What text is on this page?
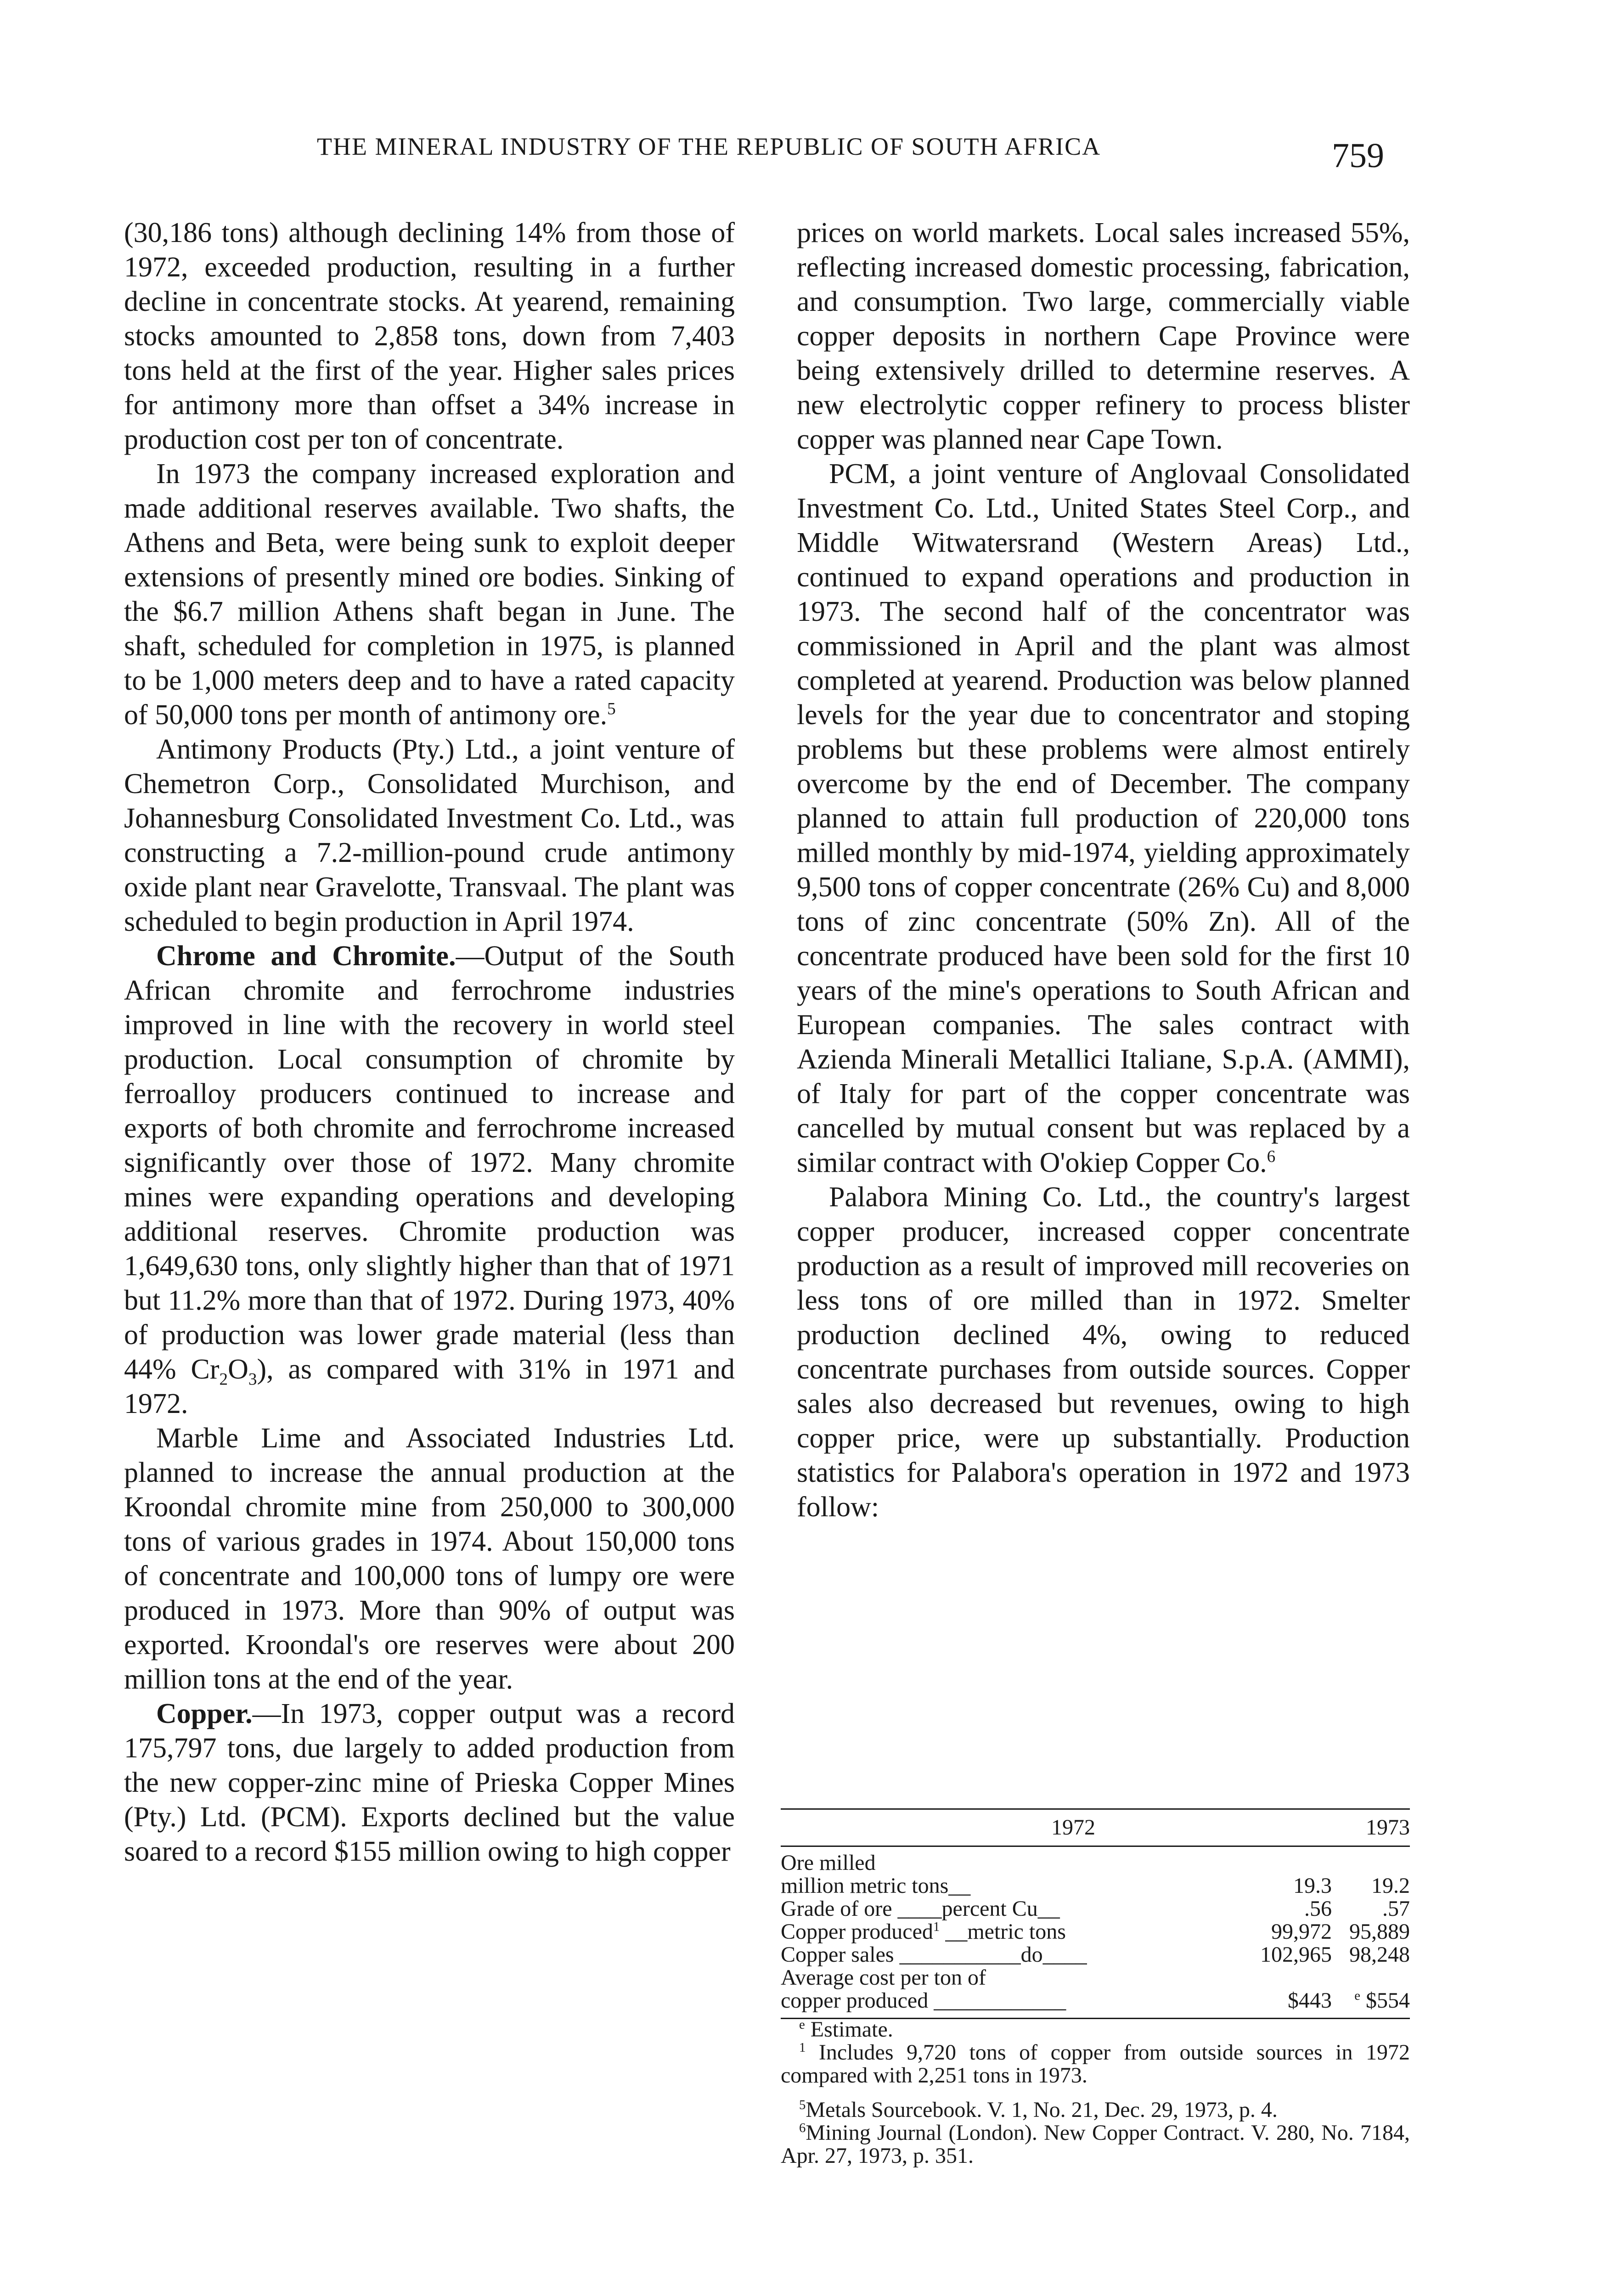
THE MINERAL INDUSTRY OF THE REPUBLIC OF SOUTH AFRICA	759

(30,186 tons) although declining 14% from those of 1972, exceeded production, resulting in a further decline in concentrate stocks. At yearend, remaining stocks amounted to 2,858 tons, down from 7,403 tons held at the first of the year. Higher sales prices for antimony more than offset a 34% increase in production cost per ton of concentrate.

In 1973 the company increased exploration and made additional reserves available. Two shafts, the Athens and Beta, were being sunk to exploit deeper extensions of presently mined ore bodies. Sinking of the $6.7 million Athens shaft began in June. The shaft, scheduled for completion in 1975, is planned to be 1,000 meters deep and to have a rated capacity of 50,000 tons per month of antimony ore.$^5$

Antimony Products (Pty.) Ltd., a joint venture of Chemetron Corp., Consolidated Murchison, and Johannesburg Consolidated Investment Co. Ltd., was constructing a 7.2-million-pound crude antimony oxide plant near Gravelotte, Transvaal. The plant was scheduled to begin production in April 1974.

Chrome and Chromite.—Output of the South African chromite and ferrochrome industries improved in line with the recovery in world steel production. Local consumption of chromite by ferroalloy producers continued to increase and exports of both chromite and ferrochrome increased significantly over those of 1972. Many chromite mines were expanding operations and developing additional reserves. Chromite production was 1,649,630 tons, only slightly higher than that of 1971 but 11.2% more than that of 1972. During 1973, 40% of production was lower grade material (less than 44% $Cr_2O_3$), as compared with 31% in 1971 and 1972.

Marble Lime and Associated Industries Ltd. planned to increase the annual production at the Kroondal chromite mine from 250,000 to 300,000 tons of various grades in 1974. About 150,000 tons of concentrate and 100,000 tons of lumpy ore were produced in 1973. More than 90% of output was exported. Kroondal's ore reserves were about 200 million tons at the end of the year.

Copper.—In 1973, copper output was a record 175,797 tons, due largely to added production from the new copper-zinc mine of Prieska Copper Mines (Pty.) Ltd. (PCM). Exports declined but the value soared to a record $155 million owing to high copper

prices on world markets. Local sales increased 55%, reflecting increased domestic processing, fabrication, and consumption. Two large, commercially viable copper deposits in northern Cape Province were being extensively drilled to determine reserves. A new electrolytic copper refinery to process blister copper was planned near Cape Town.

PCM, a joint venture of Anglovaal Consolidated Investment Co. Ltd., United States Steel Corp., and Middle Witwatersrand (Western Areas) Ltd., continued to expand operations and production in 1973. The second half of the concentrator was commissioned in April and the plant was almost completed at yearend. Production was below planned levels for the year due to concentrator and stoping problems but these problems were almost entirely overcome by the end of December. The company planned to attain full production of 220,000 tons milled monthly by mid-1974, yielding approximately 9,500 tons of copper concentrate (26% Cu) and 8,000 tons of zinc concentrate (50% Zn). All of the concentrate produced have been sold for the first 10 years of the mine's operations to South African and European companies. The sales contract with Azienda Minerali Metallici Italiane, S.p.A. (AMMI), of Italy for part of the copper concentrate was cancelled by mutual consent but was replaced by a similar contract with O'okiep Copper Co.$^6$

Palabora Mining Co. Ltd., the country's largest copper producer, increased copper concentrate production as a result of improved mill recoveries on less tons of ore milled than in 1972. Smelter production declined 4%, owing to reduced concentrate purchases from outside sources. Copper sales also decreased but revenues, owing to high copper price, were up substantially. Production statistics for Palabora's operation in 1972 and 1973 follow:

	1972	1973
Ore milled		
million metric tons__	19.3	19.2
Grade of ore ____percent Cu__	.56	.57
Copper produced$^1$ __metric tons	99,972	95,889
Copper sales ___________do____	102,965	98,248
Average cost per ton of		
copper produced ____________	$443	$^e$ $554

$^e$ Estimate.

$^1$ Includes 9,720 tons of copper from outside sources in 1972 compared with 2,251 tons in 1973.

$^5$Metals Sourcebook. V. 1, No. 21, Dec. 29, 1973, p. 4.

$^6$Mining Journal (London). New Copper Contract. V. 280, No. 7184, Apr. 27, 1973, p. 351.
